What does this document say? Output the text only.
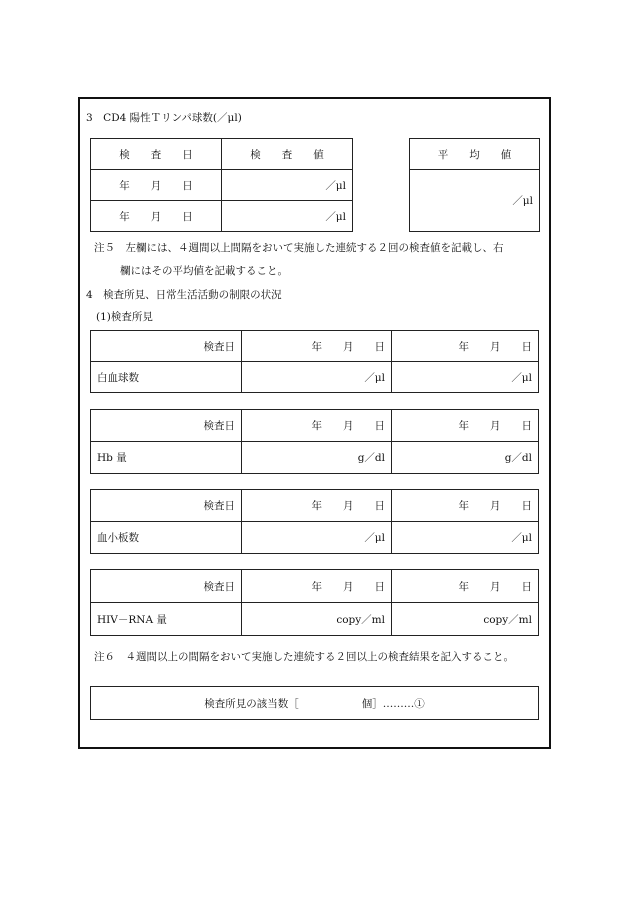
3　CD4 陽性Ｔリンパ球数(／μl)
検　　査　　日	検　　査　　値
年　　月　　日	／μl
年　　月　　日	／μl
平　　均　　値
／μl
注５　左欄には、４週間以上間隔をおいて実施した連続する２回の検査値を記載し、右
欄にはその平均値を記載すること。
4　検査所見、日常生活活動の制限の状況
(1)検査所見
検査日	年　　月　　日	年　　月　　日
白血球数	／μl	／μl
検査日	年　　月　　日	年　　月　　日
Hb 量	g／dl	g／dl
検査日	年　　月　　日	年　　月　　日
血小板数	／μl	／μl
検査日	年　　月　　日	年　　月　　日
HIV－RNA 量	copy／ml	copy／ml
注６　４週間以上の間隔をおいて実施した連続する２回以上の検査結果を記入すること。
検査所見の該当数［　　　　　　個］………①
